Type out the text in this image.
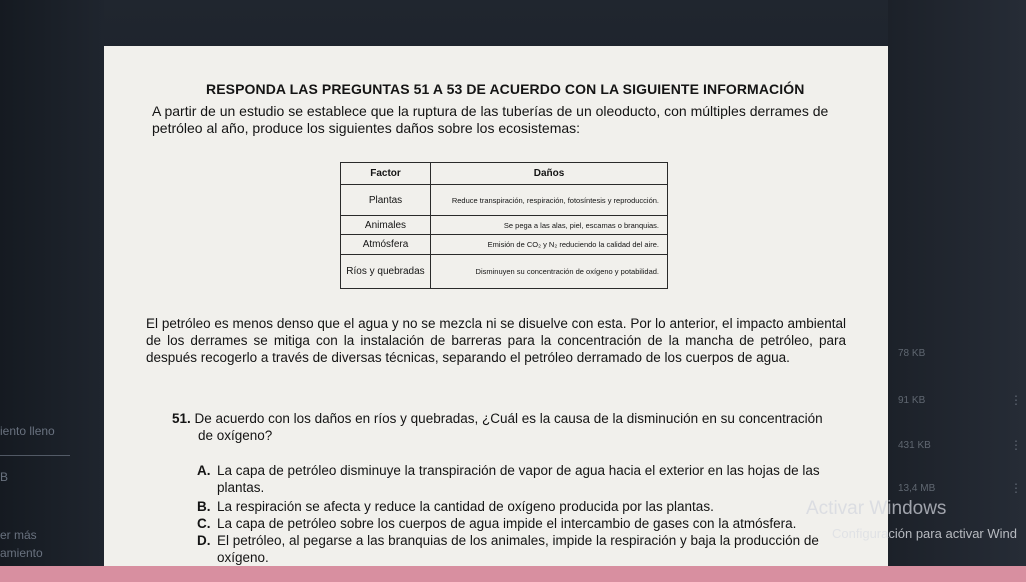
iento lleno
B
er más
amiento
78 KB
91 KB	⋮
431 KB	⋮
13,4 MB	⋮
RESPONDA LAS PREGUNTAS 51 A 53 DE ACUERDO CON LA SIGUIENTE INFORMACIÓN
A partir de un estudio se establece que la ruptura de las tuberías de un oleoducto, con múltiples derrames de petróleo al año, produce los siguientes daños sobre los ecosistemas:
Factor	Daños
Plantas	Reduce transpiración, respiración, fotosíntesis y reproducción.
Animales	Se pega a las alas, piel, escamas o branquias.
Atmósfera	Emisión de CO₂ y N₂ reduciendo la calidad del aire.
Ríos y quebradas	Disminuyen su concentración de oxígeno y potabilidad.
El petróleo es menos denso que el agua y no se mezcla ni se disuelve con esta. Por lo anterior, el impacto ambiental de los derrames se mitiga con la instalación de barreras para la concentración de la mancha de petróleo, para después recogerlo a través de diversas técnicas, separando el petróleo derramado de los cuerpos de agua.
51. De acuerdo con los daños en ríos y quebradas, ¿Cuál es la causa de la disminución en su concentración
de oxígeno?
A. La capa de petróleo disminuye la transpiración de vapor de agua hacia el exterior en las hojas de las plantas.
B. La respiración se afecta y reduce la cantidad de oxígeno producida por las plantas.
C. La capa de petróleo sobre los cuerpos de agua impide el intercambio de gases con la atmósfera.
D. El petróleo, al pegarse a las branquias de los animales, impide la respiración y baja la producción de oxígeno.
Activar Windows
Configuración para activar Wind
